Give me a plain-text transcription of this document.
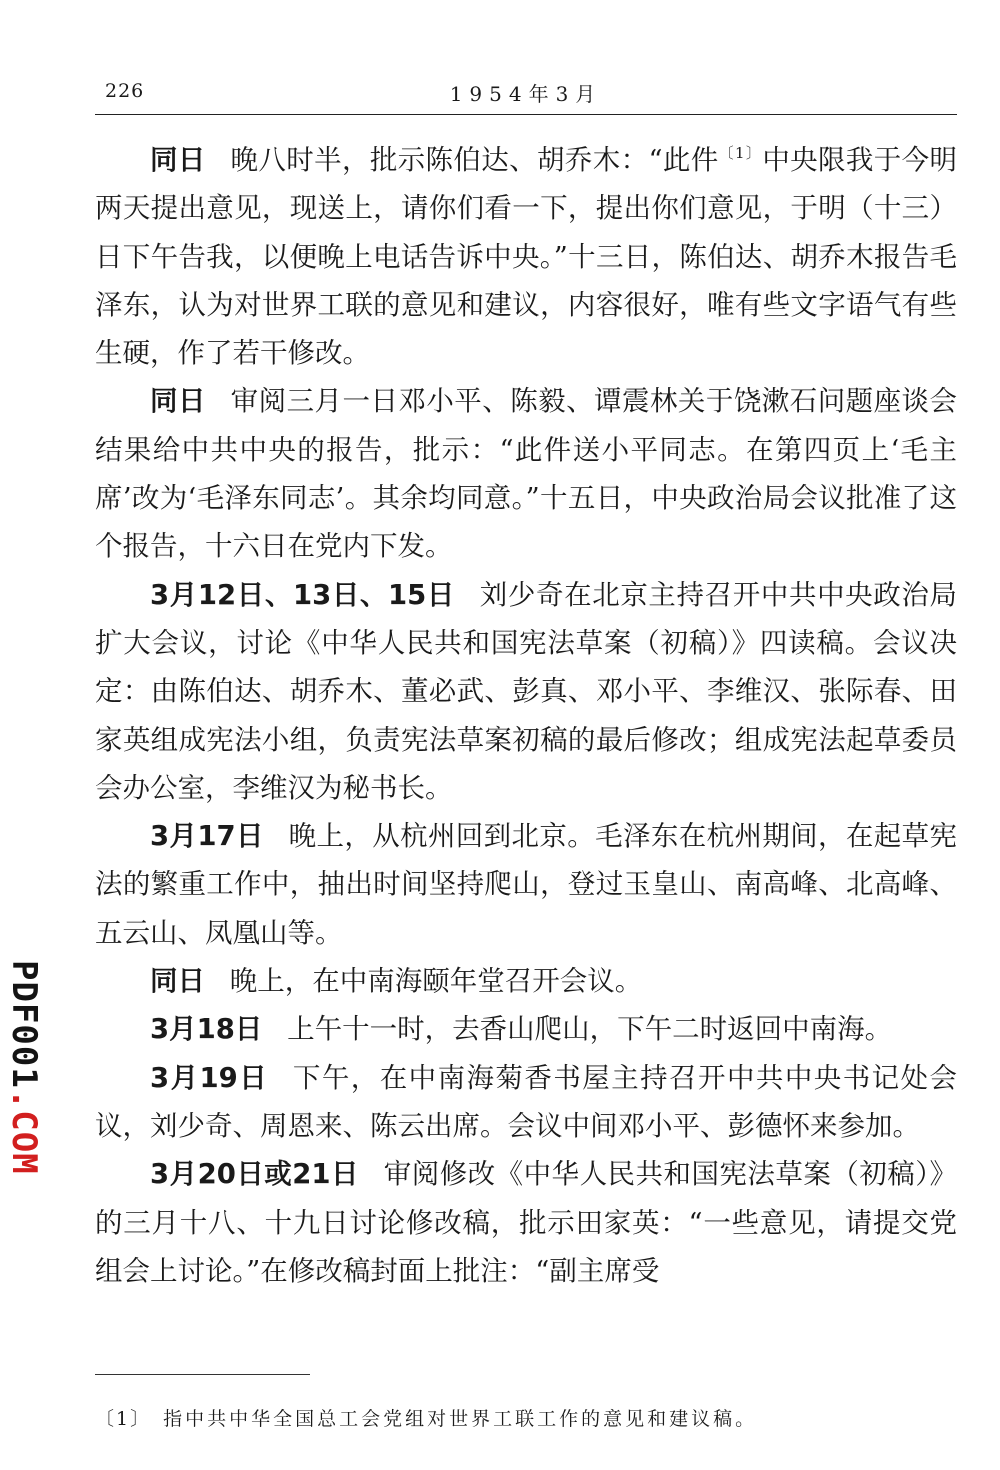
226	1954年3月

同日 晚八时半，批示陈伯达、胡乔木：“此件$^{〔1〕}$中央限我于今明两天提出意见，现送上，请你们看一下，提出你们意见，于明（十三）日下午告我，以便晚上电话告诉中央。”十三日，陈伯达、胡乔木报告毛泽东，认为对世界工联的意见和建议，内容很好，唯有些文字语气有些生硬，作了若干修改。

同日 审阅三月一日邓小平、陈毅、谭震林关于饶漱石问题座谈会结果给中共中央的报告，批示：“此件送小平同志。在第四页上‘毛主席’改为‘毛泽东同志’。其余均同意。”十五日，中央政治局会议批准了这个报告，十六日在党内下发。

3月12日、13日、15日 刘少奇在北京主持召开中共中央政治局扩大会议，讨论《中华人民共和国宪法草案（初稿）》四读稿。会议决定：由陈伯达、胡乔木、董必武、彭真、邓小平、李维汉、张际春、田家英组成宪法小组，负责宪法草案初稿的最后修改；组成宪法起草委员会办公室，李维汉为秘书长。

3月17日 晚上，从杭州回到北京。毛泽东在杭州期间，在起草宪法的繁重工作中，抽出时间坚持爬山，登过玉皇山、南高峰、北高峰、五云山、凤凰山等。

同日 晚上，在中南海颐年堂召开会议。

3月18日 上午十一时，去香山爬山，下午二时返回中南海。

3月19日 下午，在中南海菊香书屋主持召开中共中央书记处会议，刘少奇、周恩来、陈云出席。会议中间邓小平、彭德怀来参加。

3月20日或21日 审阅修改《中华人民共和国宪法草案（初稿）》的三月十八、十九日讨论修改稿，批示田家英：“一些意见，请提交党组会上讨论。”在修改稿封面上批注：“副主席受

〔1〕 指中共中华全国总工会党组对世界工联工作的意见和建议稿。
PDF001.COM
